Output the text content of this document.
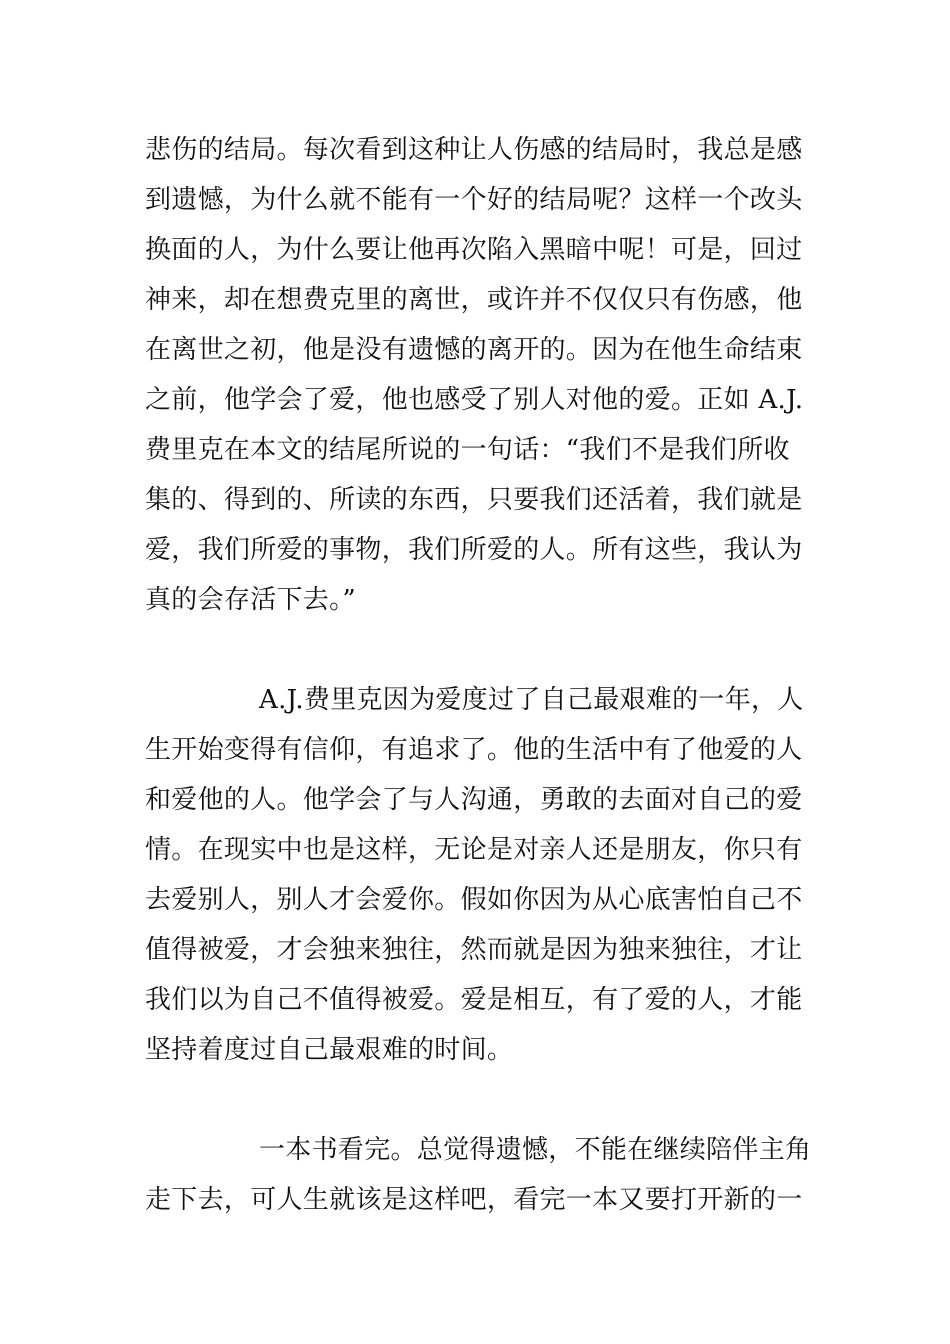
悲伤的结局。每次看到这种让人伤感的结局时，我总是感
到遗憾，为什么就不能有一个好的结局呢？这样一个改头
换面的人，为什么要让他再次陷入黑暗中呢！可是，回过
神来，却在想费克里的离世，或许并不仅仅只有伤感，他
在离世之初，他是没有遗憾的离开的。因为在他生命结束
之前，他学会了爱，他也感受了别人对他的爱。正如 A.J.
费里克在本文的结尾所说的一句话：“我们不是我们所收
集的、得到的、所读的东西，只要我们还活着，我们就是
爱，我们所爱的事物，我们所爱的人。所有这些，我认为
真的会存活下去。”
A.J.费里克因为爱度过了自己最艰难的一年，人
生开始变得有信仰，有追求了。他的生活中有了他爱的人
和爱他的人。他学会了与人沟通，勇敢的去面对自己的爱
情。在现实中也是这样，无论是对亲人还是朋友，你只有
去爱别人，别人才会爱你。假如你因为从心底害怕自己不
值得被爱，才会独来独往，然而就是因为独来独往，才让
我们以为自己不值得被爱。爱是相互，有了爱的人，才能
坚持着度过自己最艰难的时间。
一本书看完。总觉得遗憾，不能在继续陪伴主角
走下去，可人生就该是这样吧，看完一本又要打开新的一
